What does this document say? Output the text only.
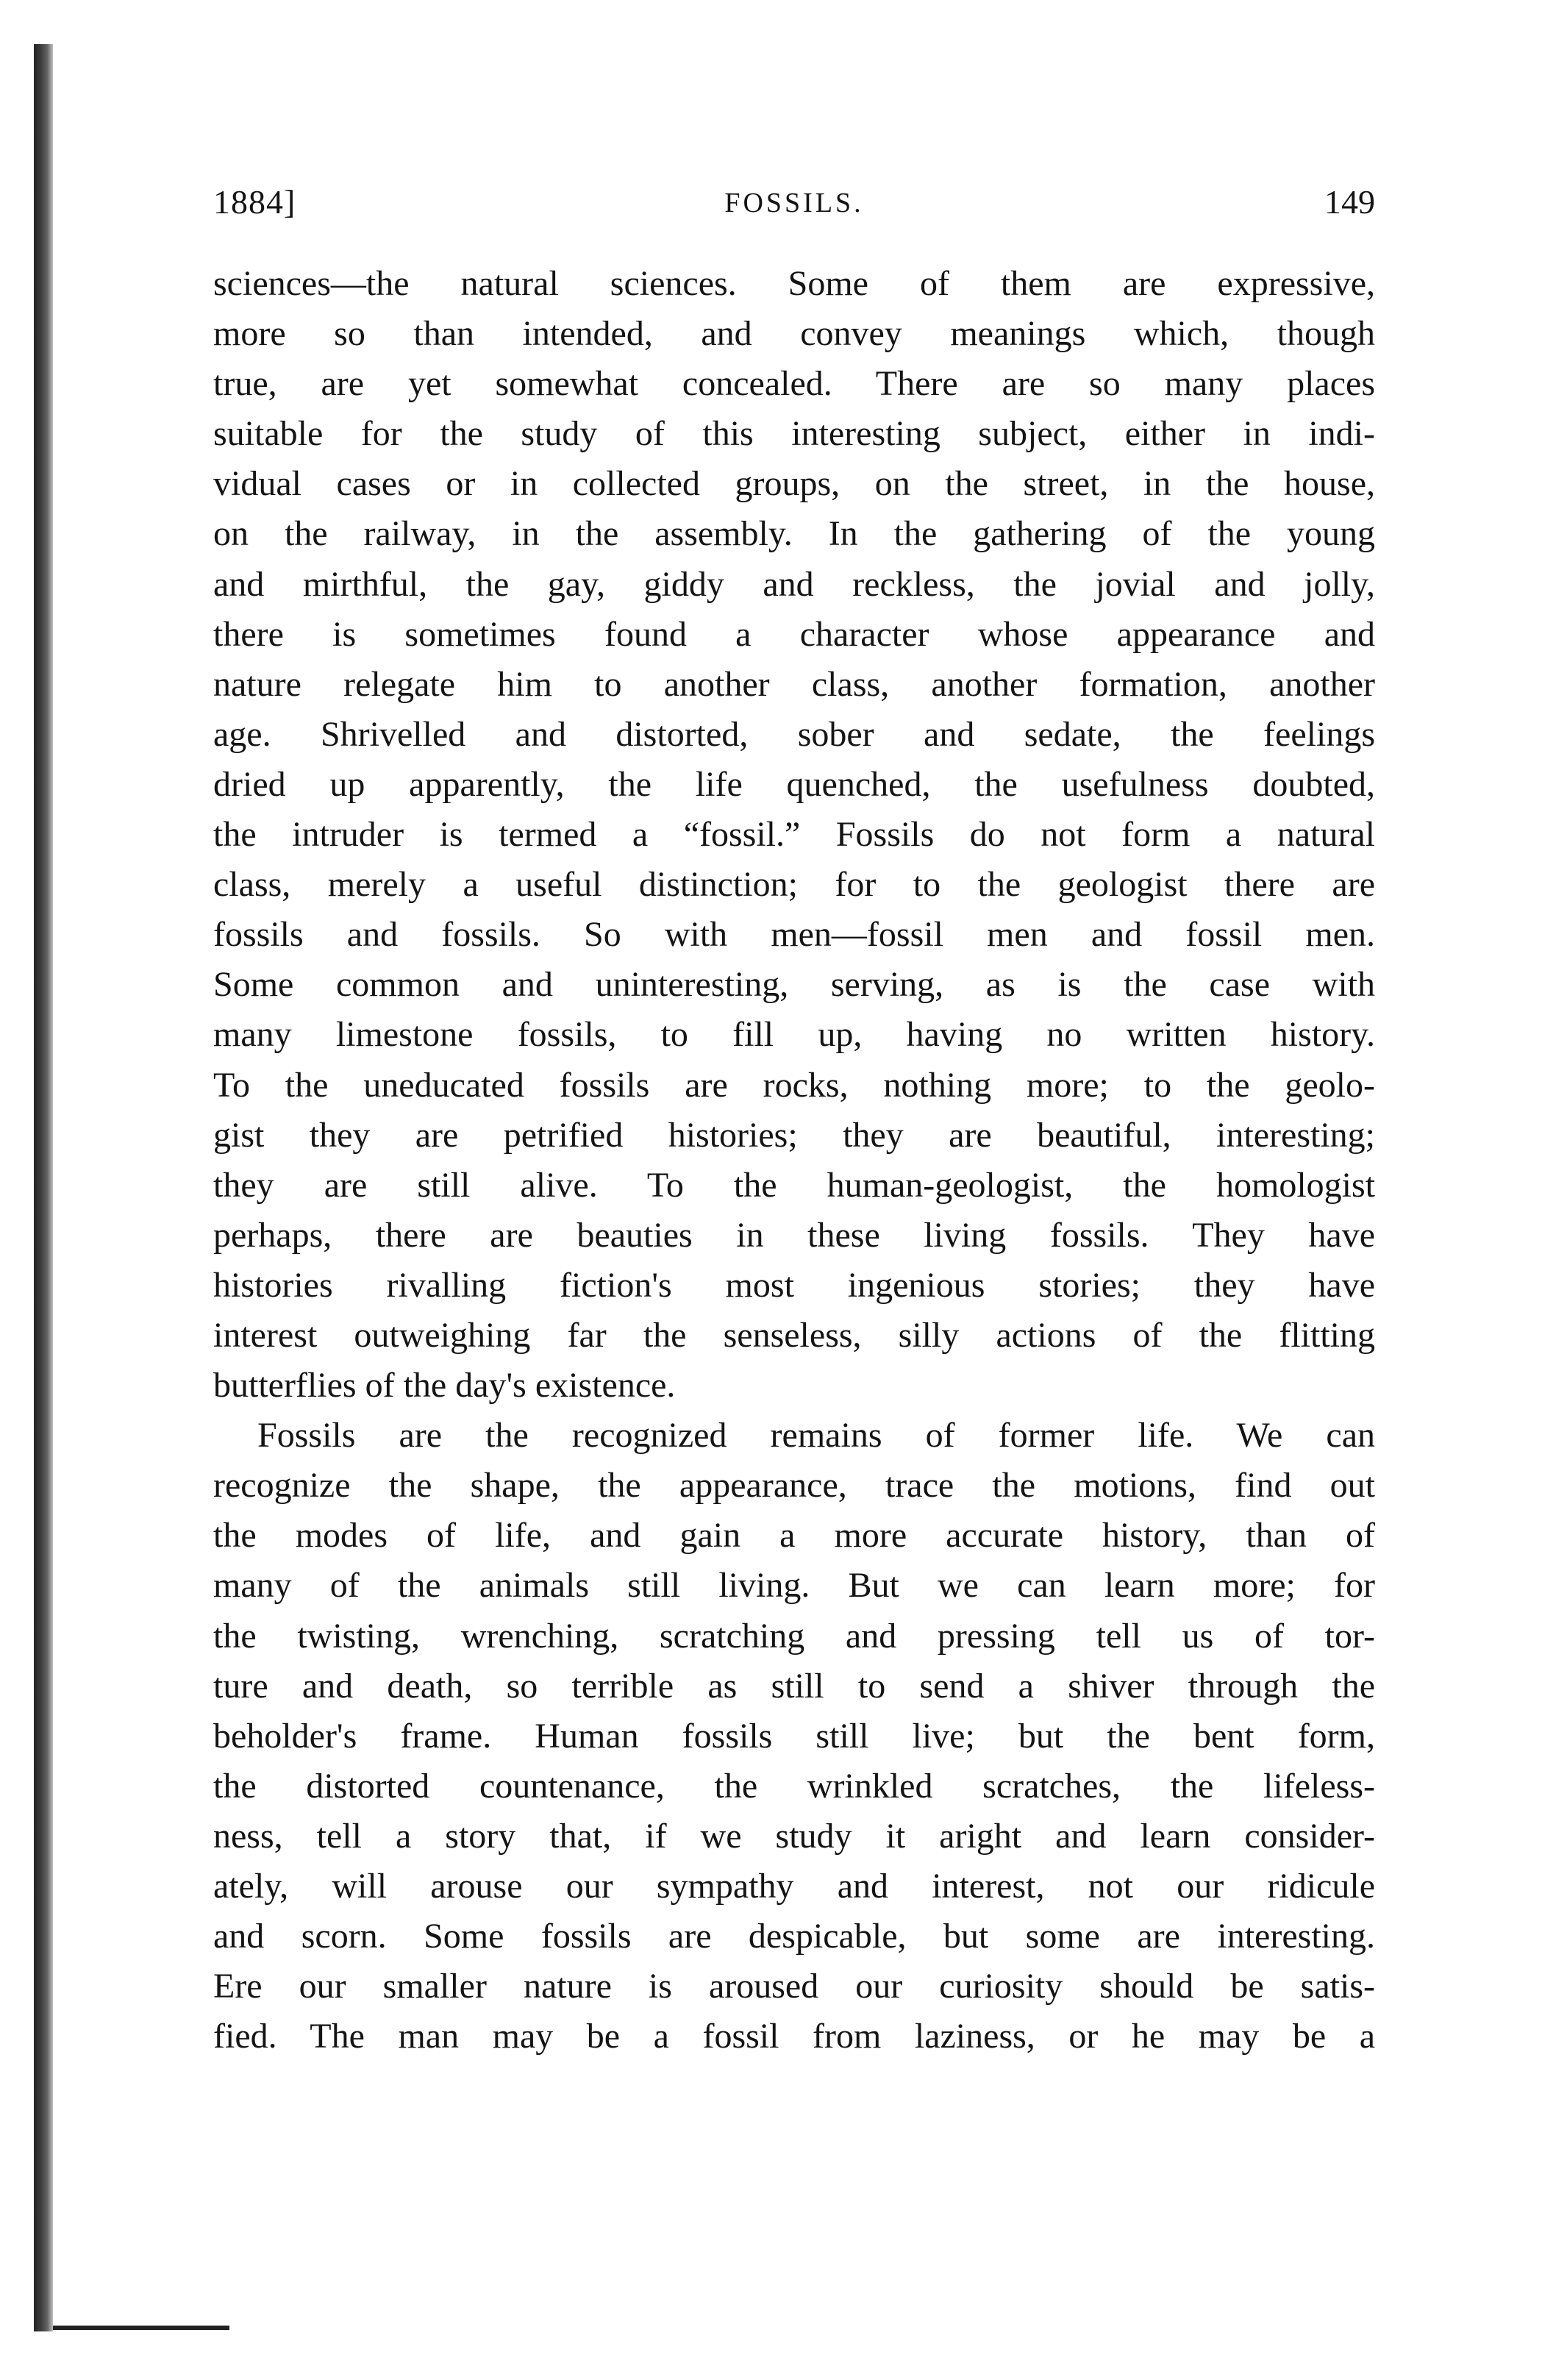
1884]	FOSSILS.	149
sciences—the natural sciences. Some of them are expressive,
more so than intended, and convey meanings which, though
true, are yet somewhat concealed. There are so many places
suitable for the study of this interesting subject, either in indi-
vidual cases or in collected groups, on the street, in the house,
on the railway, in the assembly. In the gathering of the young
and mirthful, the gay, giddy and reckless, the jovial and jolly,
there is sometimes found a character whose appearance and
nature relegate him to another class, another formation, another
age. Shrivelled and distorted, sober and sedate, the feelings
dried up apparently, the life quenched, the usefulness doubted,
the intruder is termed a “fossil.” Fossils do not form a natural
class, merely a useful distinction; for to the geologist there are
fossils and fossils. So with men—fossil men and fossil men.
Some common and uninteresting, serving, as is the case with
many limestone fossils, to fill up, having no written history.
To the uneducated fossils are rocks, nothing more; to the geolo-
gist they are petrified histories; they are beautiful, interesting;
they are still alive. To the human-geologist, the homologist
perhaps, there are beauties in these living fossils. They have
histories rivalling fiction's most ingenious stories; they have
interest outweighing far the senseless, silly actions of the flitting
butterflies of the day's existence.
Fossils are the recognized remains of former life. We can
recognize the shape, the appearance, trace the motions, find out
the modes of life, and gain a more accurate history, than of
many of the animals still living. But we can learn more; for
the twisting, wrenching, scratching and pressing tell us of tor-
ture and death, so terrible as still to send a shiver through the
beholder's frame. Human fossils still live; but the bent form,
the distorted countenance, the wrinkled scratches, the lifeless-
ness, tell a story that, if we study it aright and learn consider-
ately, will arouse our sympathy and interest, not our ridicule
and scorn. Some fossils are despicable, but some are interesting.
Ere our smaller nature is aroused our curiosity should be satis-
fied. The man may be a fossil from laziness, or he may be a
